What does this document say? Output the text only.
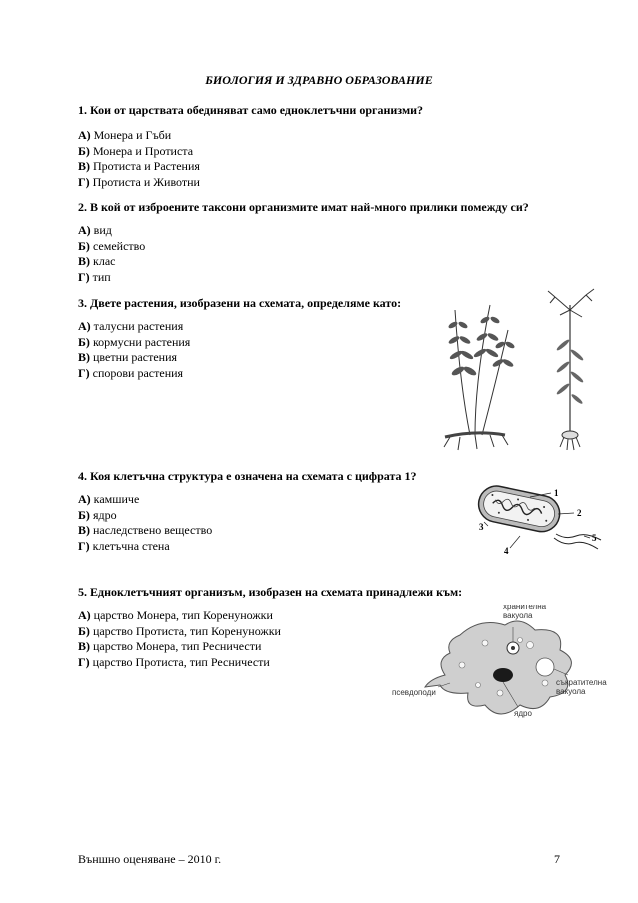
БИОЛОГИЯ И ЗДРАВНО ОБРАЗОВАНИЕ
1. Кои от царствата обединяват само едноклетъчни организми?
А) Монера и Гъби
Б) Монера и Протиста
В) Протиста и Растения
Г) Протиста и Животни
2. В кой от изброените таксони организмите имат най-много прилики помежду си?
А) вид
Б) семейство
В) клас
Г) тип
3. Двете растения, изобразени на схемата, определяме като:
А) талусни растения
Б) кормусни растения
В) цветни растения
Г) спорови растения
4. Коя клетъчна структура е означена на схемата с цифрата 1?
А) камшиче
Б) ядро
В) наследствено вещество
Г) клетъчна стена
1
2
3
4
5
5. Едноклетъчният организъм, изобразен на схемата принадлежи към:
А) царство Монера, тип Коренуножки
Б) царство Протиста, тип Коренуножки
В) царство Монера, тип Ресничести
Г) царство Протиста, тип Ресничести
хранителна
вакуола
съкратителна
вакуола
псевдоподи
ядро
Външно оценяване – 2010 г.	7
